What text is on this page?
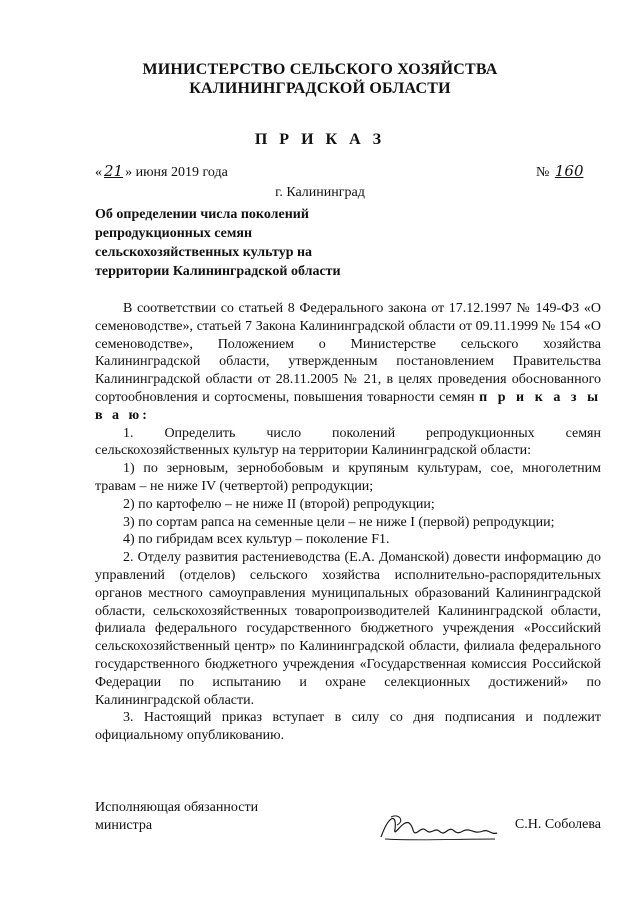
МИНИСТЕРСТВО СЕЛЬСКОГО ХОЗЯЙСТВА
КАЛИНИНГРАДСКОЙ ОБЛАСТИ
П Р И К А З
« 21 » июня 2019 года	№ 160
г. Калининград
Об определении числа поколений
репродукционных семян
сельскохозяйственных культур на
территории Калининградской области

В соответствии со статьей 8 Федерального закона от 17.12.1997 № 149-ФЗ «О семеноводстве», статьей 7 Закона Калининградской области от 09.11.1999 № 154 «О семеноводстве», Положением о Министерстве сельского хозяйства Калининградской области, утвержденным постановлением Правительства Калининградской области от 28.11.2005 № 21, в целях проведения обоснованного сортообновления и сортосмены, повышения товарности семян п р и к а з ы в а ю:

1. Определить число поколений репродукционных семян сельскохозяйственных культур на территории Калининградской области:

1) по зерновым, зернобобовым и крупяным культурам, сое, многолетним травам – не ниже IV (четвертой) репродукции;

2) по картофелю – не ниже II (второй) репродукции;

3) по сортам рапса на семенные цели – не ниже I (первой) репродукции;

4) по гибридам всех культур – поколение F1.

2. Отделу развития растениеводства (Е.А. Доманской) довести информацию до управлений (отделов) сельского хозяйства исполнительно-распорядительных органов местного самоуправления муниципальных образований Калининградской области, сельскохозяйственных товаропроизводителей Калининградской области, филиала федерального государственного бюджетного учреждения «Российский сельскохозяйственный центр» по Калининградской области, филиала федерального государственного бюджетного учреждения «Государственная комиссия Российской Федерации по испытанию и охране селекционных достижений» по Калининградской области.

3. Настоящий приказ вступает в силу со дня подписания и подлежит официальному опубликованию.

Исполняющая обязанности
министра	С.Н. Соболева
